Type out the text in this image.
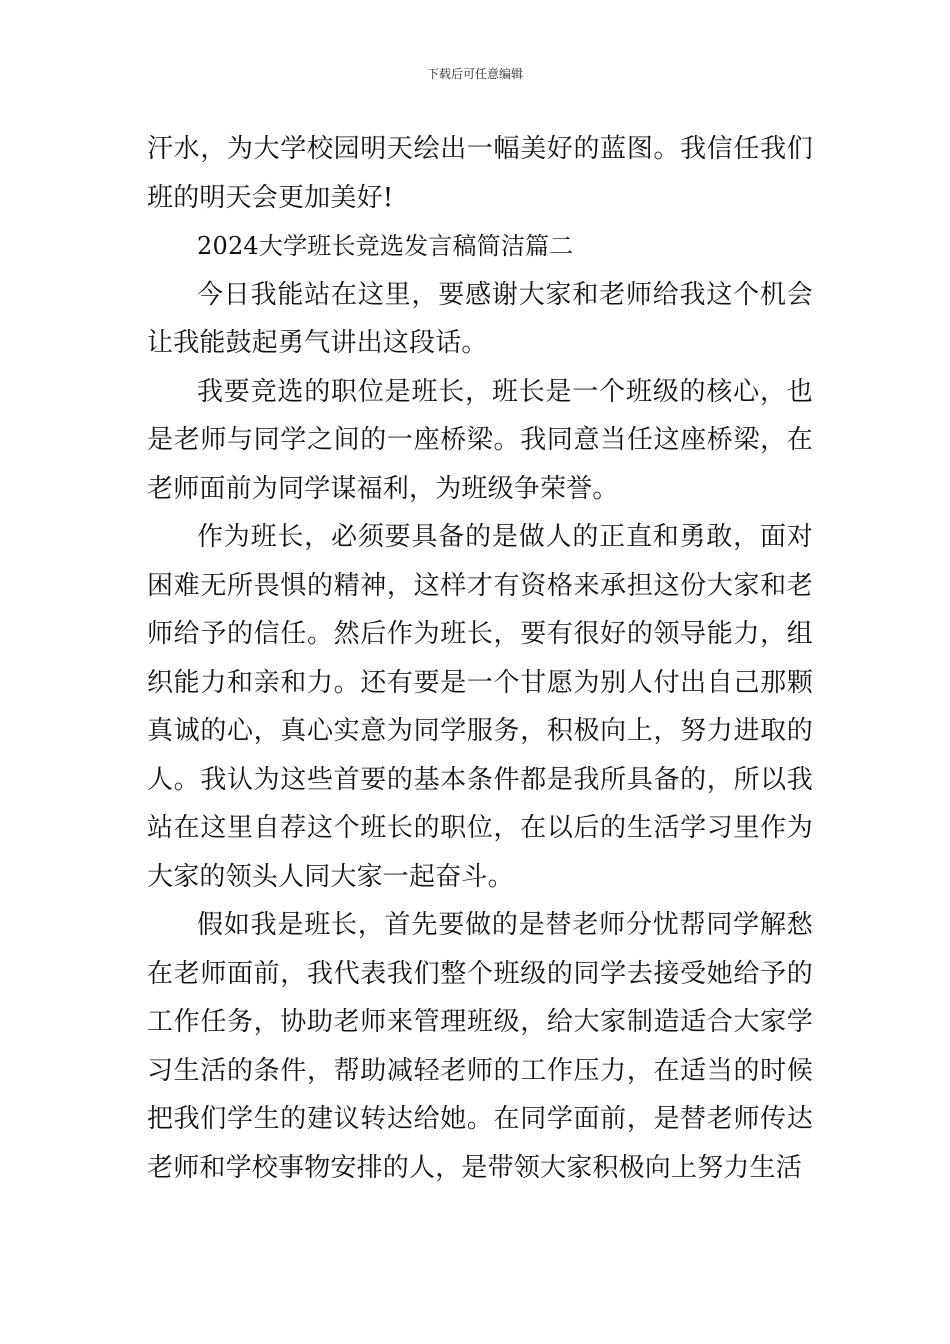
下载后可任意编辑

汗水，为大学校园明天绘出一幅美好的蓝图。我信任我们班的明天会更加美好!

2024大学班长竞选发言稿简洁篇二

今日我能站在这里，要感谢大家和老师给我这个机会让我能鼓起勇气讲出这段话。

我要竞选的职位是班长，班长是一个班级的核心，也是老师与同学之间的一座桥梁。我同意当任这座桥梁，在老师面前为同学谋福利，为班级争荣誉。

作为班长，必须要具备的是做人的正直和勇敢，面对困难无所畏惧的精神，这样才有资格来承担这份大家和老师给予的信任。然后作为班长，要有很好的领导能力，组织能力和亲和力。还有要是一个甘愿为别人付出自己那颗真诚的心，真心实意为同学服务，积极向上，努力进取的人。我认为这些首要的基本条件都是我所具备的，所以我站在这里自荐这个班长的职位，在以后的生活学习里作为大家的领头人同大家一起奋斗。

假如我是班长，首先要做的是替老师分忧帮同学解愁在老师面前，我代表我们整个班级的同学去接受她给予的工作任务，协助老师来管理班级，给大家制造适合大家学习生活的条件，帮助减轻老师的工作压力，在适当的时候把我们学生的建议转达给她。在同学面前，是替老师传达老师和学校事物安排的人，是带领大家积极向上努力生活
